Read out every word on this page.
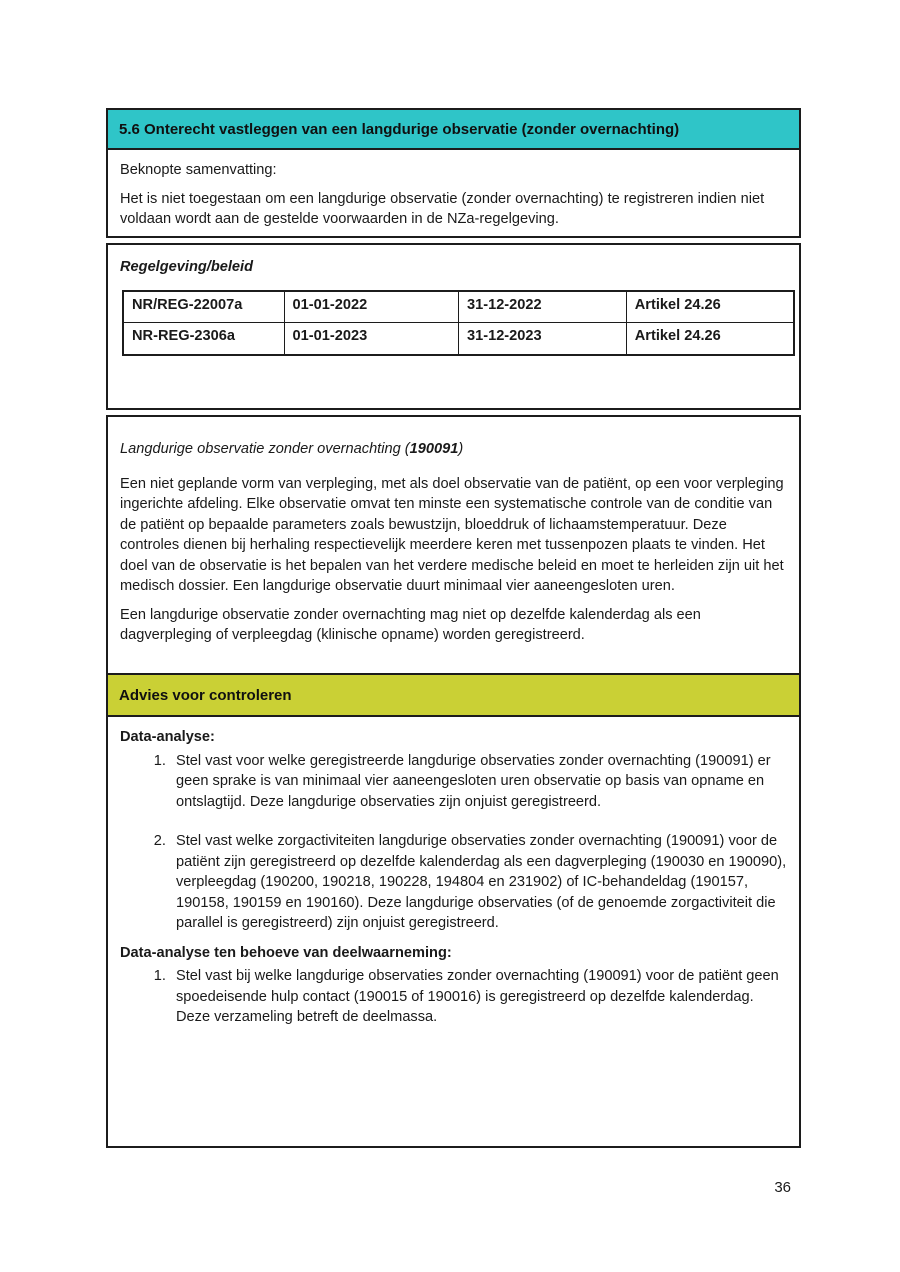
5.6 Onterecht vastleggen van een langdurige observatie (zonder overnachting)

Beknopte samenvatting:

Het is niet toegestaan om een langdurige observatie (zonder overnachting) te registreren indien niet voldaan wordt aan de gestelde voorwaarden in de NZa-regelgeving.

Regelgeving/beleid

NR/REG-22007a	01-01-2022	31-12-2022	Artikel 24.26
NR-REG-2306a	01-01-2023	31-12-2023	Artikel 24.26

Langdurige observatie zonder overnachting (190091)

Een niet geplande vorm van verpleging, met als doel observatie van de patiënt, op een voor verpleging ingerichte afdeling. Elke observatie omvat ten minste een systematische controle van de conditie van de patiënt op bepaalde parameters zoals bewustzijn, bloeddruk of lichaamstemperatuur. Deze controles dienen bij herhaling respectievelijk meerdere keren met tussenpozen plaats te vinden. Het doel van de observatie is het bepalen van het verdere medische beleid en moet te herleiden zijn uit het medisch dossier. Een langdurige observatie duurt minimaal vier aaneengesloten uren.

Een langdurige observatie zonder overnachting mag niet op dezelfde kalenderdag als een dagverpleging of verpleegdag (klinische opname) worden geregistreerd.

Advies voor controleren

Data-analyse:

1. Stel vast voor welke geregistreerde langdurige observaties zonder overnachting (190091) er geen sprake is van minimaal vier aaneengesloten uren observatie op basis van opname en ontslagtijd. Deze langdurige observaties zijn onjuist geregistreerd.
2. Stel vast welke zorgactiviteiten langdurige observaties zonder overnachting (190091) voor de patiënt zijn geregistreerd op dezelfde kalenderdag als een dagverpleging (190030 en 190090), verpleegdag (190200, 190218, 190228, 194804 en 231902) of IC-behandeldag (190157, 190158, 190159 en 190160). Deze langdurige observaties (of de genoemde zorgactiviteit die parallel is geregistreerd) zijn onjuist geregistreerd.

Data-analyse ten behoeve van deelwaarneming:

1. Stel vast bij welke langdurige observaties zonder overnachting (190091) voor de patiënt geen spoedeisende hulp contact (190015 of 190016) is geregistreerd op dezelfde kalenderdag. Deze verzameling betreft de deelmassa.
36
